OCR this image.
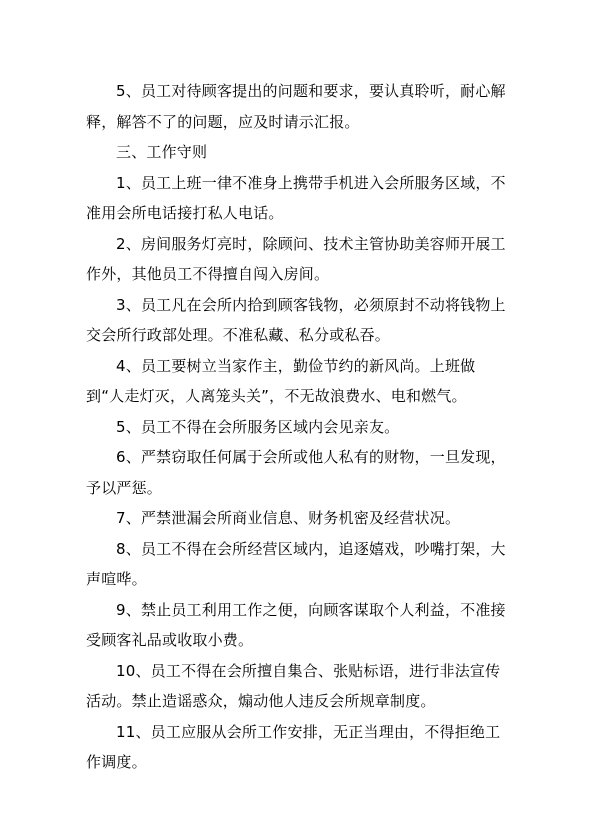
5、员工对待顾客提出的问题和要求，要认真聆听，耐心解释，解答不了的问题，应及时请示汇报。

三、工作守则

1、员工上班一律不准身上携带手机进入会所服务区域，不准用会所电话接打私人电话。

2、房间服务灯亮时，除顾问、技术主管协助美容师开展工作外，其他员工不得擅自闯入房间。

3、员工凡在会所内拾到顾客钱物，必须原封不动将钱物上交会所行政部处理。不准私藏、私分或私吞。

4、员工要树立当家作主，勤俭节约的新风尚。上班做到“人走灯灭，人离笼头关”，不无故浪费水、电和燃气。

5、员工不得在会所服务区域内会见亲友。

6、严禁窃取任何属于会所或他人私有的财物，一旦发现，予以严惩。

7、严禁泄漏会所商业信息、财务机密及经营状况。

8、员工不得在会所经营区域内，追逐嬉戏，吵嘴打架，大声喧哗。

9、禁止员工利用工作之便，向顾客谋取个人利益，不准接受顾客礼品或收取小费。

10、员工不得在会所擅自集合、张贴标语，进行非法宣传活动。禁止造谣惑众，煽动他人违反会所规章制度。

11、员工应服从会所工作安排，无正当理由，不得拒绝工作调度。
